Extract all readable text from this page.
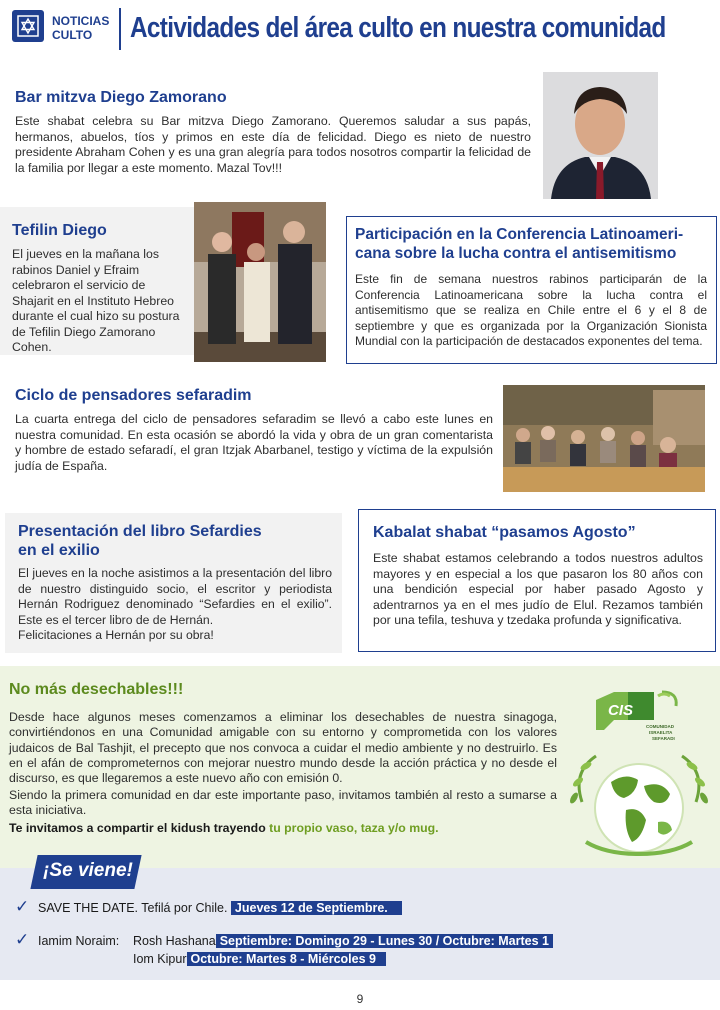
NOTICIAS
CULTO	Actividades del área culto en nuestra comunidad
Bar mitzva Diego Zamorano
Este shabat celebra su Bar mitzva Diego Zamorano. Queremos saludar a sus papás, hermanos, abuelos, tíos y primos en este día de felicidad. Diego es nieto de nuestro presidente Abraham Cohen y es una gran alegría para todos nosotros compartir la felicidad de la familia por llegar a este momento. Mazal Tov!!!
Tefilin Diego
El jueves en la mañana los rabinos Daniel y Efraim celebraron el servicio de Shajarit en el Instituto Hebreo durante el cual hizo su postura de Tefilin Diego Zamorano Cohen.
Participación en la Conferencia Latinoameri-
cana sobre la lucha contra el antisemitismo
Este fin de semana nuestros rabinos participarán de la Conferencia Latinoamericana sobre la lucha contra el antisemitismo que se realiza en Chile entre el 6 y el 8 de septiembre y que es organizada por la Organización Sionista Mundial con la participación de destacados exponentes del tema.
Ciclo de pensadores sefaradim
La cuarta entrega del ciclo de pensadores sefaradim se llevó a cabo este lunes en nuestra comunidad. En esta ocasión se abordó la vida y obra de un gran comentarista y hombre de estado sefaradí, el gran Itzjak Abarbanel, testigo y víctima de la expulsión judía de España.
Presentación del libro Sefardies
en el exilio
El jueves en la noche asistimos a la presentación del libro de nuestro distinguido socio, el escritor y periodista Hernán Rodriguez denominado “Sefardies en el exilio”. Este es el tercer libro de de Hernán.
Felicitaciones a Hernán por su obra!
Kabalat shabat “pasamos Agosto”
Este shabat estamos celebrando a todos nuestros adultos mayores y en especial a los que pasaron los 80 años con una bendición especial por haber pasado Agosto y adentrarnos ya en el mes judío de Elul. Rezamos también por una tefila, teshuva y tzedaka profunda y significativa.
No más desechables!!!
Desde hace algunos meses comenzamos a eliminar los desechables de nuestra sinagoga, convirtiéndonos en una Comunidad amigable con su entorno y comprometida con los valores judaicos de Bal Tashjit, el precepto que nos convoca a cuidar el medio ambiente y no destruirlo. Es en el afán de comprometernos con mejorar nuestro mundo desde la acción práctica y no desde el discurso, es que llegaremos a este nuevo año con emisión 0.
Siendo la primera comunidad en dar este importante paso, invitamos también al resto a sumarse a esta iniciativa.
Te invitamos a compartir el kidush trayendo tu propio vaso, taza y/o mug.
CIS
COMUNIDAD
ISRAELITA
SEFARADI
¡Se viene!
✓ SAVE THE DATE. Tefilá por Chile. Jueves 12 de Septiembre.
✓ Iamim Noraim: Rosh Hashana Septiembre: Domingo 29 - Lunes 30 / Octubre: Martes 1
Iom Kipur Octubre: Martes 8 - Miércoles 9
9
